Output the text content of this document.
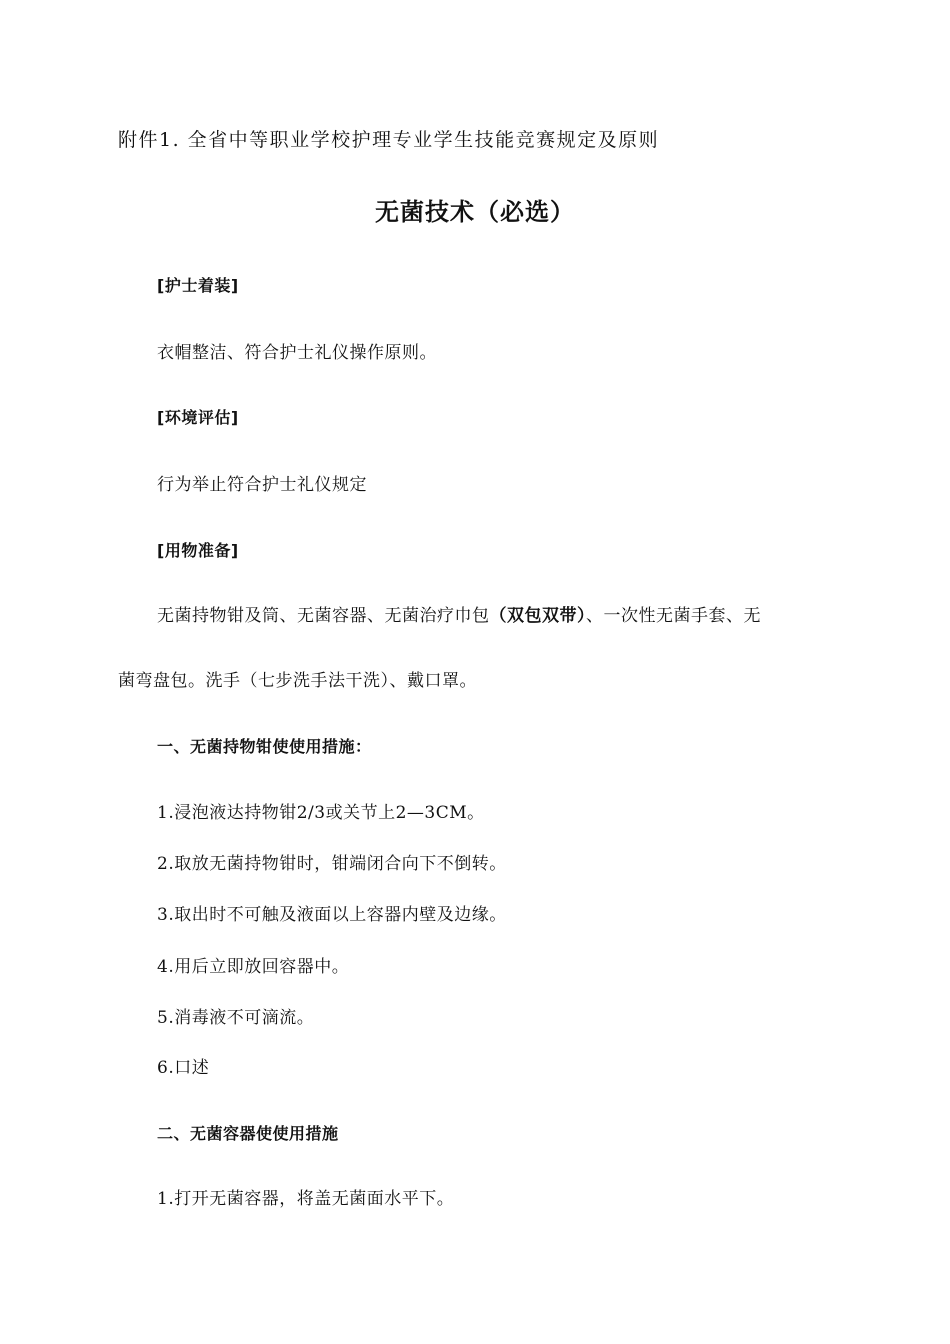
附件1. 全省中等职业学校护理专业学生技能竞赛规定及原则
无菌技术（必选）
[护士着装]
衣帽整洁、符合护士礼仪操作原则。
[环境评估]
行为举止符合护士礼仪规定
[用物准备]
无菌持物钳及筒、无菌容器、无菌治疗巾包（双包双带）、一次性无菌手套、无
菌弯盘包。洗手（七步洗手法干洗）、戴口罩。
一、无菌持物钳使使用措施：
1.浸泡液达持物钳2/3或关节上2—3CM。
2.取放无菌持物钳时，钳端闭合向下不倒转。
3.取出时不可触及液面以上容器内壁及边缘。
4.用后立即放回容器中。
5.消毒液不可滴流。
6.口述
二、无菌容器使使用措施
1.打开无菌容器，将盖无菌面水平下。
